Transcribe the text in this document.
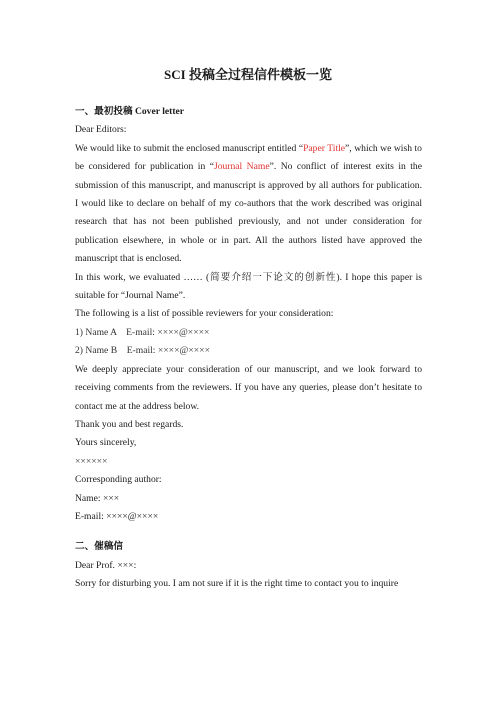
SCI 投稿全过程信件模板一览

一、最初投稿 Cover letter

Dear Editors:

We would like to submit the enclosed manuscript entitled “Paper Title”, which we wish to be considered for publication in “Journal Name”. No conflict of interest exits in the submission of this manuscript, and manuscript is approved by all authors for publication. I would like to declare on behalf of my co-authors that the work described was original research that has not been published previously, and not under consideration for publication elsewhere, in whole or in part. All the authors listed have approved the manuscript that is enclosed.

In this work, we evaluated …… (简要介绍一下论文的创新性). I hope this paper is suitable for “Journal Name”.

The following is a list of possible reviewers for your consideration:

1) Name A    E-mail: ××××@××××

2) Name B    E-mail: ××××@××××

We deeply appreciate your consideration of our manuscript, and we look forward to receiving comments from the reviewers. If you have any queries, please don’t hesitate to contact me at the address below.

Thank you and best regards.

Yours sincerely,

××××××

Corresponding author:

Name: ×××

E-mail: ××××@××××

二、催稿信

Dear Prof. ×××:

Sorry for disturbing you. I am not sure if it is the right time to contact you to inquire
